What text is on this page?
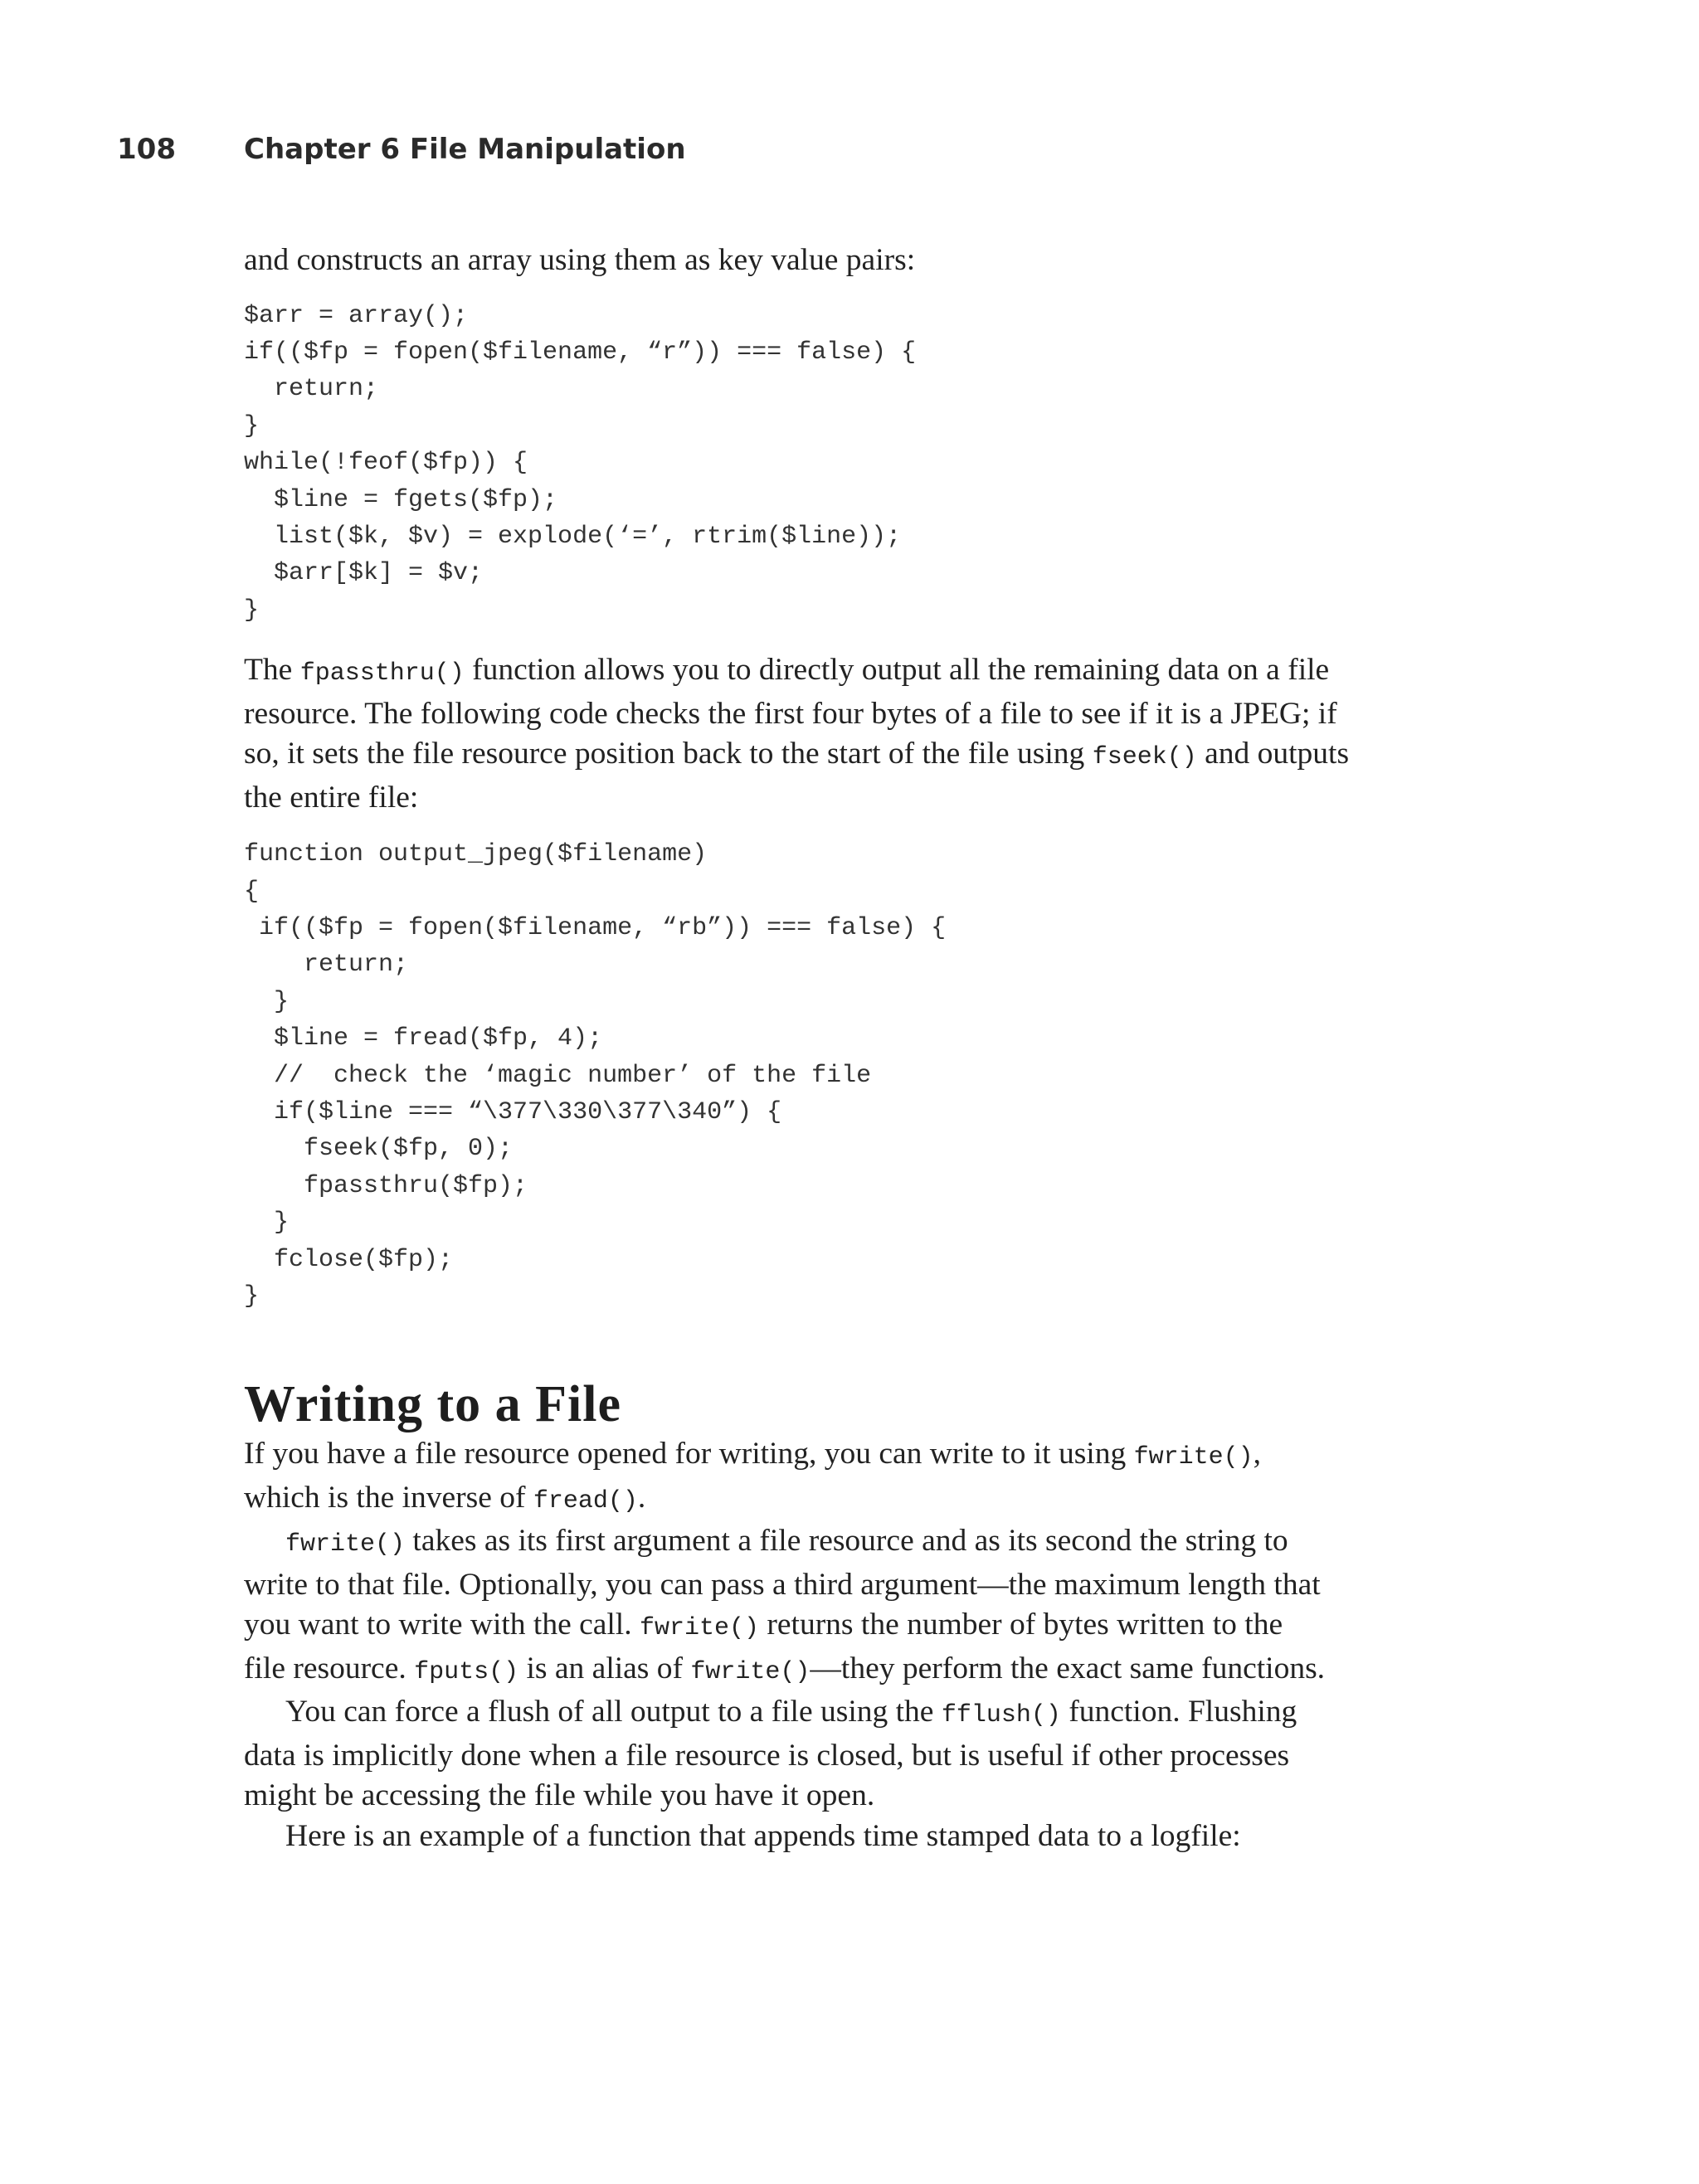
108 Chapter 6 File Manipulation

and constructs an array using them as key value pairs:

$arr = array();
if(($fp = fopen($filename, “r”)) === false) {
return;
}
while(!feof($fp)) {
$line = fgets($fp);
list($k, $v) = explode(‘=’, rtrim($line));
$arr[$k] = $v;
}

The fpassthru() function allows you to directly output all the remaining data on a file

resource. The following code checks the first four bytes of a file to see if it is a JPEG; if

so, it sets the file resource position back to the start of the file using fseek() and outputs

the entire file:

function output_jpeg($filename)
{
if(($fp = fopen($filename, “rb”)) === false) {
return;
}
$line = fread($fp, 4);
//  check the ‘magic number’ of the file
if($line === “\377\330\377\340”) {
fseek($fp, 0);
fpassthru($fp);
}
fclose($fp);
}
Writing to a File

If you have a file resource opened for writing, you can write to it using fwrite(),

which is the inverse of fread().

fwrite() takes as its first argument a file resource and as its second the string to

write to that file. Optionally, you can pass a third argument—the maximum length that

you want to write with the call. fwrite() returns the number of bytes written to the

file resource. fputs() is an alias of fwrite()—they perform the exact same functions.

You can force a flush of all output to a file using the fflush() function. Flushing

data is implicitly done when a file resource is closed, but is useful if other processes

might be accessing the file while you have it open.

Here is an example of a function that appends time stamped data to a logfile:
